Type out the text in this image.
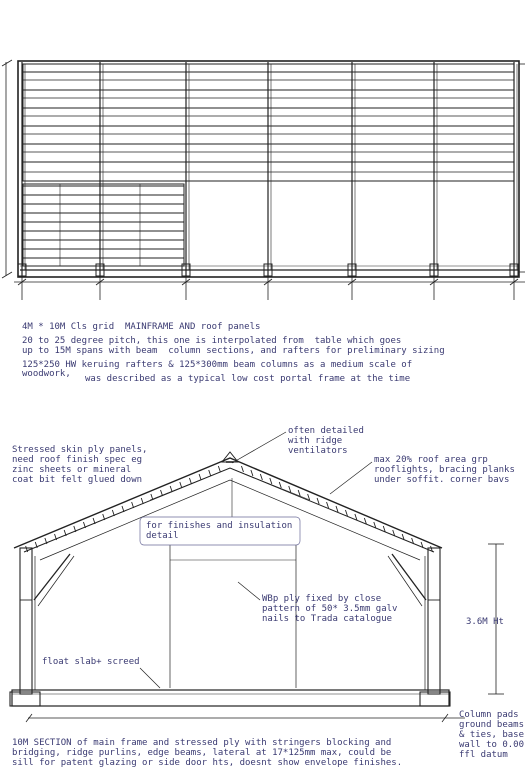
4M * 10M Cls grid  MAINFRAME AND roof panels

20 to 25 degree pitch, this one is interpolated from  table which goes

up to 15M spans with beam  column sections, and rafters for preliminary sizing

125*250 HW keruing rafters & 125*300mm beam columns as a medium scale of

woodwork, was described as a typical low cost portal frame at the time

Stressed skin ply panels,

need roof finish spec eg

zinc sheets or mineral

coat bit felt glued down

often detailed

with ridge

ventilators

max 20% roof area grp

rooflights, bracing planks

under soffit. corner bavs

for finishes and insulation

detail

WBp ply fixed by close

pattern of 50* 3.5mm galv

nails to Trada catalogue	3.6M Ht

float slab+ screed

Column pads

ground beams

& ties, base

wall to 0.00

ffl datum

10M SECTION of main frame and stressed ply with stringers blocking and

bridging, ridge purlins, edge beams, lateral at 17*125mm max, could be

sill for patent glazing or side door hts, doesnt show envelope finishes.
